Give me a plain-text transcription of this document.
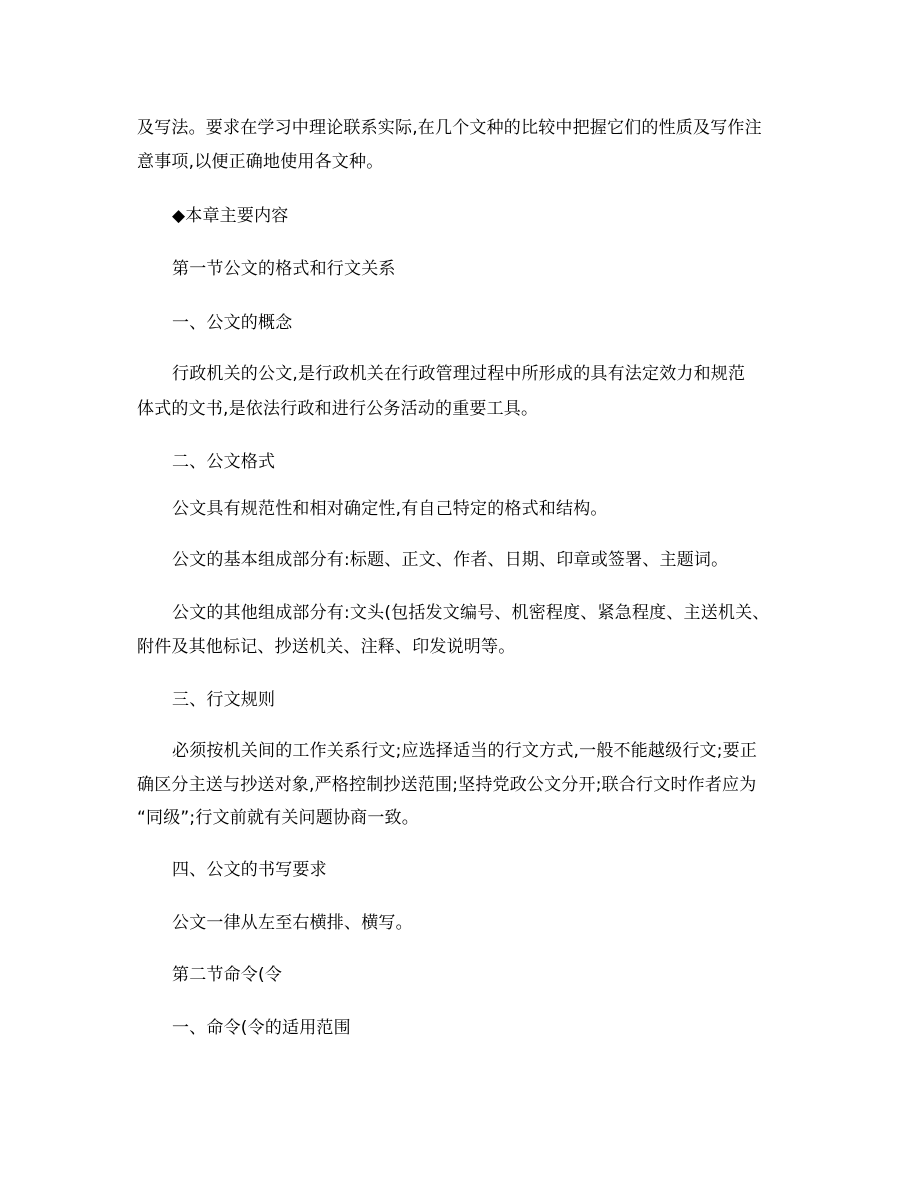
及写法。要求在学习中理论联系实际,在几个文种的比较中把握它们的性质及写作注
意事项,以便正确地使用各文种。
◆本章主要内容
第一节公文的格式和行文关系
一、公文的概念
行政机关的公文,是行政机关在行政管理过程中所形成的具有法定效力和规范
体式的文书,是依法行政和进行公务活动的重要工具。
二、公文格式
公文具有规范性和相对确定性,有自己特定的格式和结构。
公文的基本组成部分有:标题、正文、作者、日期、印章或签署、主题词。
公文的其他组成部分有:文头(包括发文编号、机密程度、紧急程度、主送机关、
附件及其他标记、抄送机关、注释、印发说明等。
三、行文规则
必须按机关间的工作关系行文;应选择适当的行文方式,一般不能越级行文;要正
确区分主送与抄送对象,严格控制抄送范围;坚持党政公文分开;联合行文时作者应为
“同级”;行文前就有关问题协商一致。
四、公文的书写要求
公文一律从左至右横排、横写。
第二节命令(令
一、命令(令的适用范围
